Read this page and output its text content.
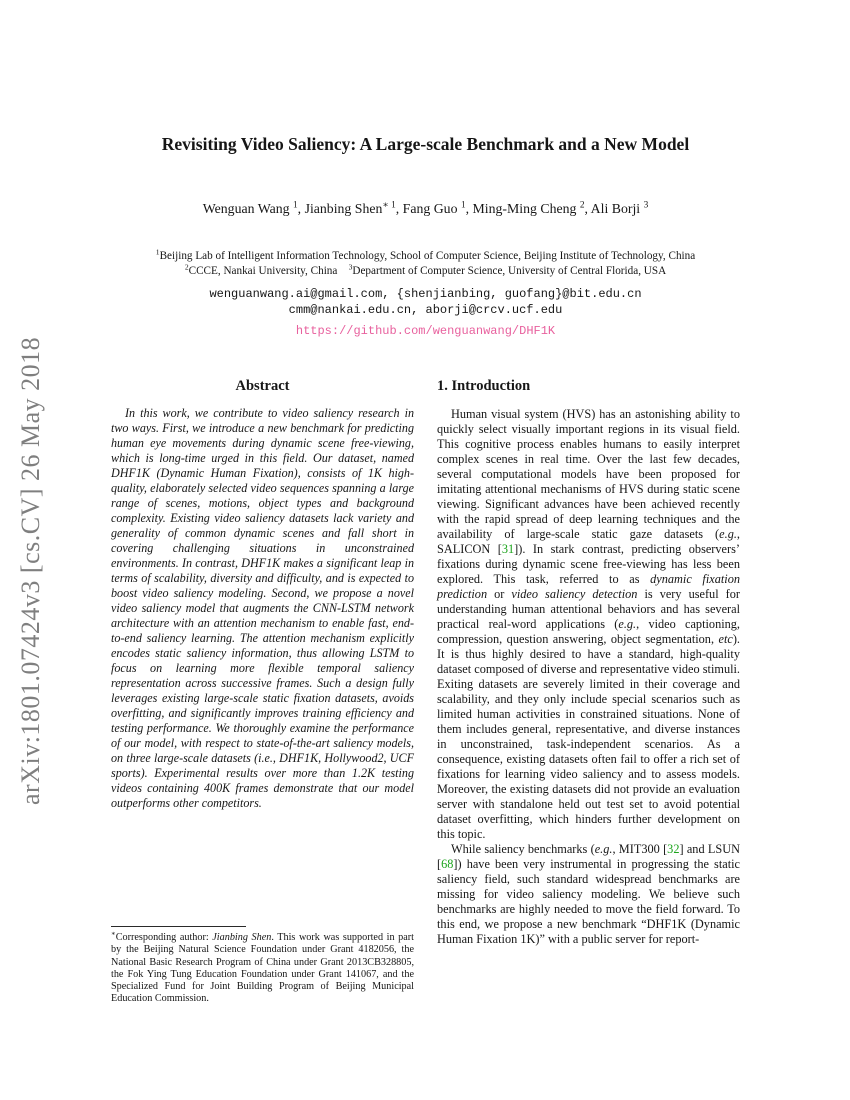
arXiv:1801.07424v3 [cs.CV] 26 May 2018
Revisiting Video Saliency: A Large-scale Benchmark and a New Model
Wenguan Wang $^1$, Jianbing Shen$^{∗ 1}$, Fang Guo $^1$, Ming-Ming Cheng $^2$, Ali Borji $^3$
$^1$Beijing Lab of Intelligent Information Technology, School of Computer Science, Beijing Institute of Technology, China
$^2$CCCE, Nankai University, China $^3$Department of Computer Science, University of Central Florida, USA
wenguanwang.ai@gmail.com, {shenjianbing, guofang}@bit.edu.cn
cmm@nankai.edu.cn, aborji@crcv.ucf.edu
https://github.com/wenguanwang/DHF1K
Abstract

In this work, we contribute to video saliency research in two ways. First, we introduce a new benchmark for predicting human eye movements during dynamic scene free-viewing, which is long-time urged in this field. Our dataset, named DHF1K (Dynamic Human Fixation), consists of 1K high-quality, elaborately selected video sequences spanning a large range of scenes, motions, object types and background complexity. Existing video saliency datasets lack variety and generality of common dynamic scenes and fall short in covering challenging situations in unconstrained environments. In contrast, DHF1K makes a significant leap in terms of scalability, diversity and difficulty, and is expected to boost video saliency modeling. Second, we propose a novel video saliency model that augments the CNN-LSTM network architecture with an attention mechanism to enable fast, end-to-end saliency learning. The attention mechanism explicitly encodes static saliency information, thus allowing LSTM to focus on learning more flexible temporal saliency representation across successive frames. Such a design fully leverages existing large-scale static fixation datasets, avoids overfitting, and significantly improves training efficiency and testing performance. We thoroughly examine the performance of our model, with respect to state-of-the-art saliency models, on three large-scale datasets (i.e., DHF1K, Hollywood2, UCF sports). Experimental results over more than 1.2K testing videos containing 400K frames demonstrate that our model outperforms other competitors.

1. Introduction

Human visual system (HVS) has an astonishing ability to quickly select visually important regions in its visual field. This cognitive process enables humans to easily interpret complex scenes in real time. Over the last few decades, several computational models have been proposed for imitating attentional mechanisms of HVS during static scene viewing. Significant advances have been achieved recently with the rapid spread of deep learning techniques and the availability of large-scale static gaze datasets (e.g., SALICON [31]). In stark contrast, predicting observers’ fixations during dynamic scene free-viewing has less been explored. This task, referred to as dynamic fixation prediction or video saliency detection is very useful for understanding human attentional behaviors and has several practical real-word applications (e.g., video captioning, compression, question answering, object segmentation, etc). It is thus highly desired to have a standard, high-quality dataset composed of diverse and representative video stimuli. Exiting datasets are severely limited in their coverage and scalability, and they only include special scenarios such as limited human activities in constrained situations. None of them includes general, representative, and diverse instances in unconstrained, task-independent scenarios. As a consequence, existing datasets often fail to offer a rich set of fixations for learning video saliency and to assess models. Moreover, the existing datasets did not provide an evaluation server with standalone held out test set to avoid potential dataset overfitting, which hinders further development on this topic.

While saliency benchmarks (e.g., MIT300 [32] and LSUN [68]) have been very instrumental in progressing the static saliency field, such standard widespread benchmarks are missing for video saliency modeling. We believe such benchmarks are highly needed to move the field forward. To this end, we propose a new benchmark “DHF1K (Dynamic Human Fixation 1K)” with a public server for report-

∗Corresponding author: Jianbing Shen. This work was supported in part by the Beijing Natural Science Foundation under Grant 4182056, the National Basic Research Program of China under Grant 2013CB328805, the Fok Ying Tung Education Foundation under Grant 141067, and the Specialized Fund for Joint Building Program of Beijing Municipal Education Commission.
